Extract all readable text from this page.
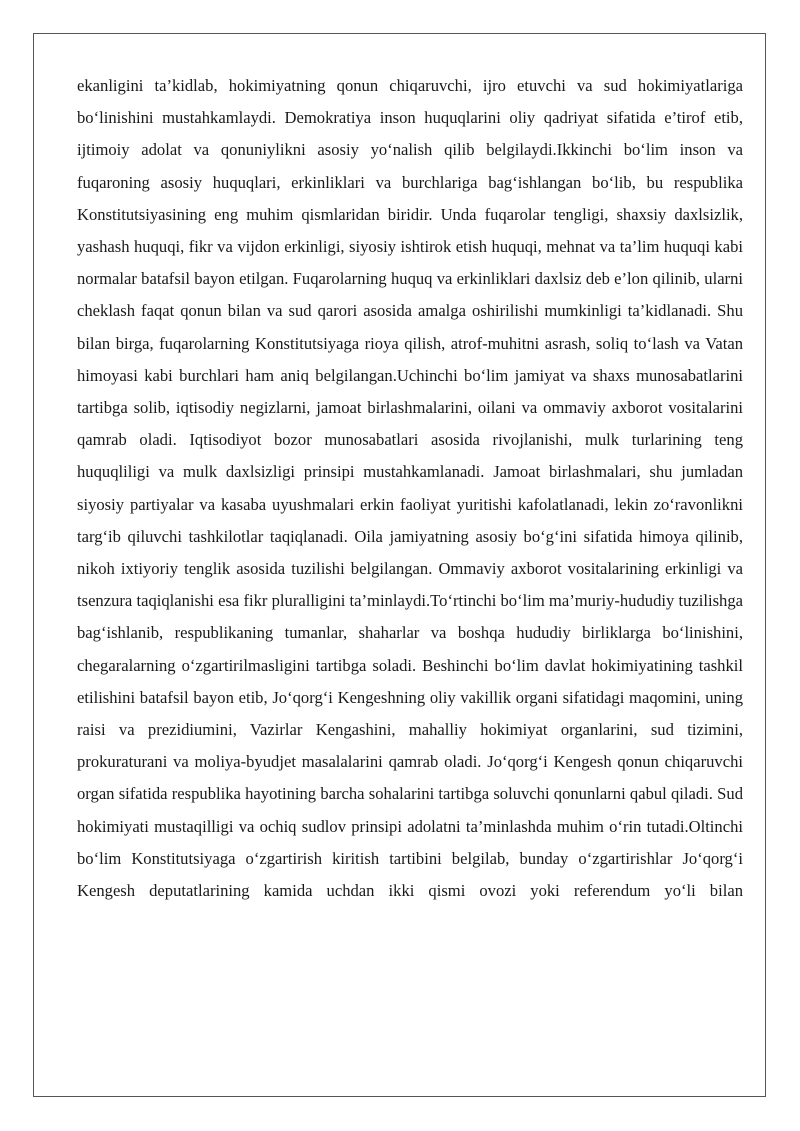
ekanligini ta’kidlab, hokimiyatning qonun chiqaruvchi, ijro etuvchi va sud hokimiyatlariga bo‘linishini mustahkamlaydi. Demokratiya inson huquqlarini oliy qadriyat sifatida e’tirof etib, ijtimoiy adolat va qonuniylikni asosiy yo‘nalish qilib belgilaydi.Ikkinchi bo‘lim inson va fuqaroning asosiy huquqlari, erkinliklari va burchlariga bag‘ishlangan bo‘lib, bu respublika Konstitutsiyasining eng muhim qismlaridan biridir. Unda fuqarolar tengligi, shaxsiy daxlsizlik, yashash huquqi, fikr va vijdon erkinligi, siyosiy ishtirok etish huquqi, mehnat va ta’lim huquqi kabi normalar batafsil bayon etilgan. Fuqarolarning huquq va erkinliklari daxlsiz deb e’lon qilinib, ularni cheklash faqat qonun bilan va sud qarori asosida amalga oshirilishi mumkinligi ta’kidlanadi. Shu bilan birga, fuqarolarning Konstitutsiyaga rioya qilish, atrof-muhitni asrash, soliq to‘lash va Vatan himoyasi kabi burchlari ham aniq belgilangan.Uchinchi bo‘lim jamiyat va shaxs munosabatlarini tartibga solib, iqtisodiy negizlarni, jamoat birlashmalarini, oilani va ommaviy axborot vositalarini qamrab oladi. Iqtisodiyot bozor munosabatlari asosida rivojlanishi, mulk turlarining teng huquqliligi va mulk daxlsizligi prinsipi mustahkamlanadi. Jamoat birlashmalari, shu jumladan siyosiy partiyalar va kasaba uyushmalari erkin faoliyat yuritishi kafolatlanadi, lekin zo‘ravonlikni targ‘ib qiluvchi tashkilotlar taqiqlanadi. Oila jamiyatning asosiy bo‘g‘ini sifatida himoya qilinib, nikoh ixtiyoriy tenglik asosida tuzilishi belgilangan. Ommaviy axborot vositalarining erkinligi va tsenzura taqiqlanishi esa fikr pluralligini ta’minlaydi.To‘rtinchi bo‘lim ma’muriy-hududiy tuzilishga bag‘ishlanib, respublikaning tumanlar, shaharlar va boshqa hududiy birliklarga bo‘linishini, chegaralarning o‘zgartirilmasligini tartibga soladi. Beshinchi bo‘lim davlat hokimiyatining tashkil etilishini batafsil bayon etib, Jo‘qorg‘i Kengeshning oliy vakillik organi sifatidagi maqomini, uning raisi va prezidiumini, Vazirlar Kengashini, mahalliy hokimiyat organlarini, sud tizimini, prokuraturani va moliya-byudjet masalalarini qamrab oladi. Jo‘qorg‘i Kengesh qonun chiqaruvchi organ sifatida respublika hayotining barcha sohalarini tartibga soluvchi qonunlarni qabul qiladi. Sud hokimiyati mustaqilligi va ochiq sudlov prinsipi adolatni ta’minlashda muhim o‘rin tutadi.Oltinchi bo‘lim Konstitutsiyaga o‘zgartirish kiritish tartibini belgilab, bunday o‘zgartirishlar Jo‘qorg‘i Kengesh deputatlarining kamida uchdan ikki qismi ovozi yoki referendum yo‘li bilan
